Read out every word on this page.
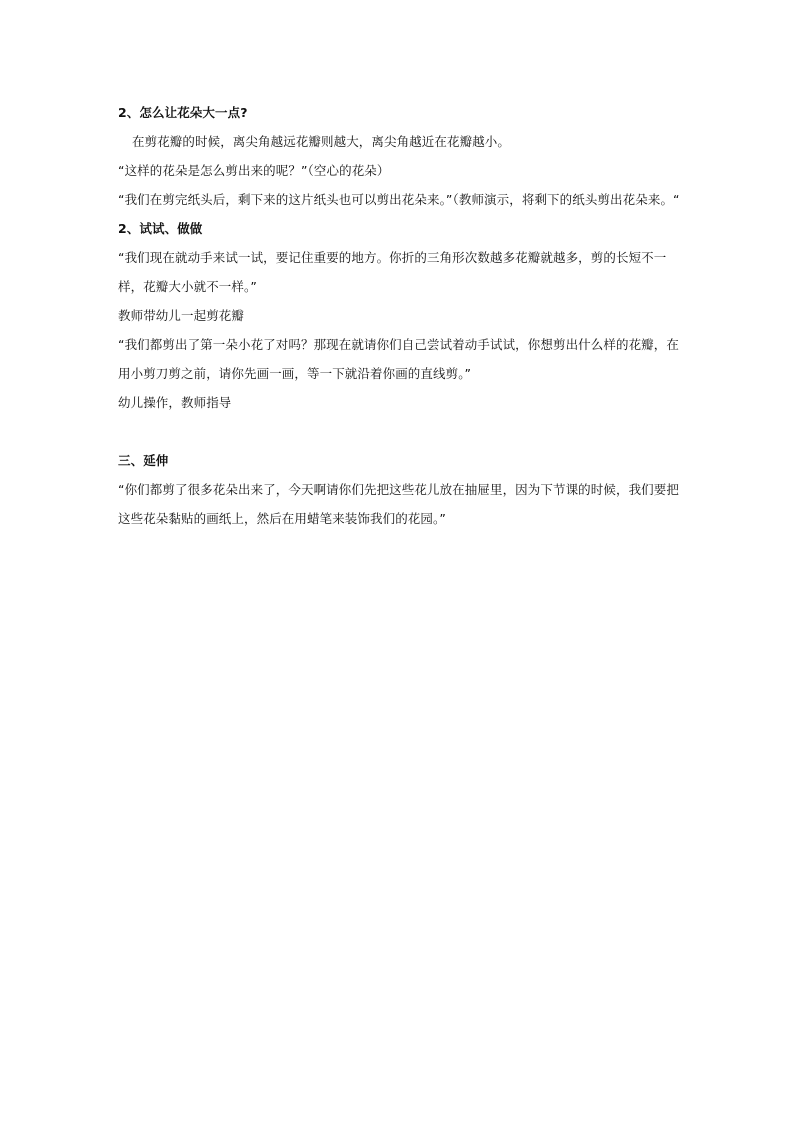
2、怎么让花朵大一点?
在剪花瓣的时候，离尖角越远花瓣则越大，离尖角越近在花瓣越小。
“这样的花朵是怎么剪出来的呢？”（空心的花朵）
“我们在剪完纸头后，剩下来的这片纸头也可以剪出花朵来。”（教师演示，将剩下的纸头剪出花朵来。“
2、试试、做做
“我们现在就动手来试一试，要记住重要的地方。你折的三角形次数越多花瓣就越多，剪的长短不一样，花瓣大小就不一样。”
教师带幼儿一起剪花瓣
“我们都剪出了第一朵小花了对吗？那现在就请你们自己尝试着动手试试，你想剪出什么样的花瓣，在用小剪刀剪之前，请你先画一画，等一下就沿着你画的直线剪。”
幼儿操作，教师指导
三、延伸
“你们都剪了很多花朵出来了，今天啊请你们先把这些花儿放在抽屉里，因为下节课的时候，我们要把这些花朵黏贴的画纸上，然后在用蜡笔来装饰我们的花园。”
